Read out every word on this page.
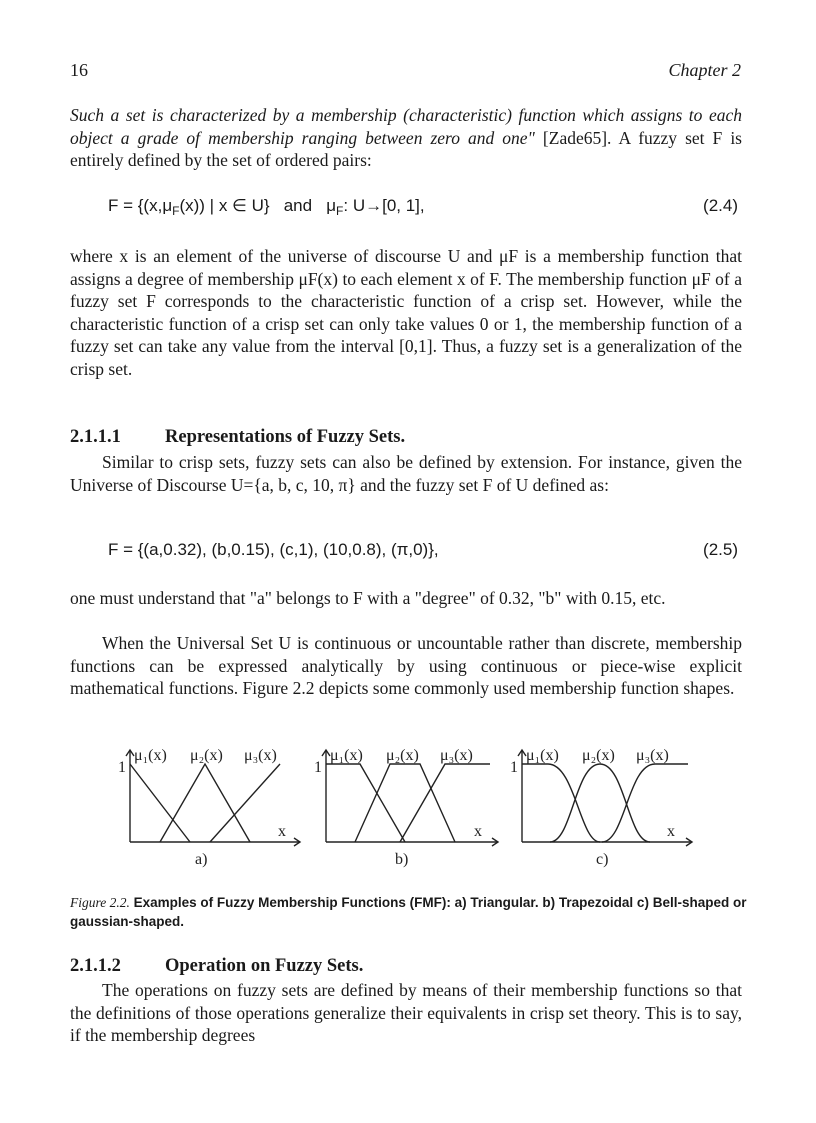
16	Chapter 2
Such a set is characterized by a membership (characteristic) function which assigns to each object a grade of membership ranging between zero and one" [Zade65]. A fuzzy set F is entirely defined by the set of ordered pairs:
$F = \{(x,\mu_F(x))$ | x ∈ U}   and   $\mu_F$: U→[0, 1],	(2.4)
where x is an element of the universe of discourse U and μF is a membership function that assigns a degree of membership μF(x) to each element x of F. The membership function μF of a fuzzy set F corresponds to the characteristic function of a crisp set. However, while the characteristic function of a crisp set can only take values 0 or 1, the membership function of a fuzzy set can take any value from the interval [0,1]. Thus, a fuzzy set is a generalization of the crisp set.
2.1.1.1 Representations of Fuzzy Sets.
Similar to crisp sets, fuzzy sets can also be defined by extension. For instance, given the Universe of Discourse U={a, b, c, 10, π} and the fuzzy set F of U defined as:
F = {(a,0.32), (b,0.15), (c,1), (10,0.8), (π,0)},	(2.5)
one must understand that "a" belongs to F with a "degree" of 0.32, "b" with 0.15, etc.
When the Universal Set U is continuous or uncountable rather than discrete, membership functions can be expressed analytically by using continuous or piece-wise explicit mathematical functions. Figure 2.2 depicts some commonly used membership function shapes.
μ₁(x) μ₂(x) μ₃(x)
1
x
a)
μ₁(x) μ₂(x) μ₃(x)
1
x
b)
μ₁(x) μ₂(x) μ₃(x)
1
x
c)
Figure 2.2. Examples of Fuzzy Membership Functions (FMF): a) Triangular. b) Trapezoidal c) Bell-shaped or gaussian-shaped.
2.1.1.2 Operation on Fuzzy Sets.
The operations on fuzzy sets are defined by means of their membership functions so that the definitions of those operations generalize their equivalents in crisp set theory. This is to say, if the membership degrees
